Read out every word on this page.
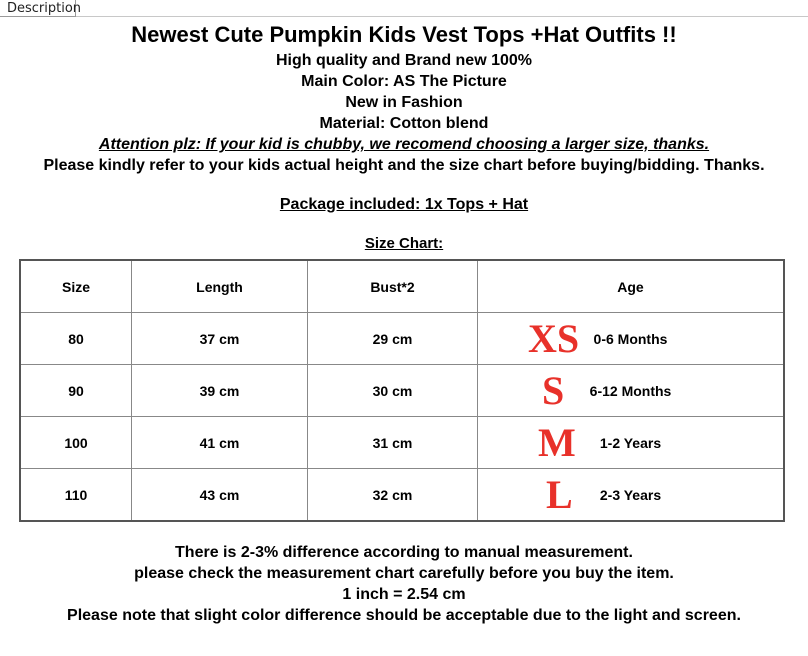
Description

Newest Cute Pumpkin Kids Vest Tops +Hat Outfits !!

High quality and Brand new 100%

Main Color: AS The Picture

New in Fashion

Material: Cotton blend

Attention plz: If your kid is chubby, we recomend choosing a larger size, thanks.

Please kindly refer to your kids actual height and the size chart before buying/bidding. Thanks.

Package included: 1x Tops + Hat

Size Chart:

Size	Length	Bust*2	Age
80	37 cm	29 cm	XS 0-6 Months

90	39 cm	30 cm	S 6-12 Months

100	41 cm	31 cm	M 1-2 Years

110	43 cm	32 cm	L 2-3 Years

There is 2-3% difference according to manual measurement.

please check the measurement chart carefully before you buy the item.

1 inch = 2.54 cm

Please note that slight color difference should be acceptable due to the light and screen.
